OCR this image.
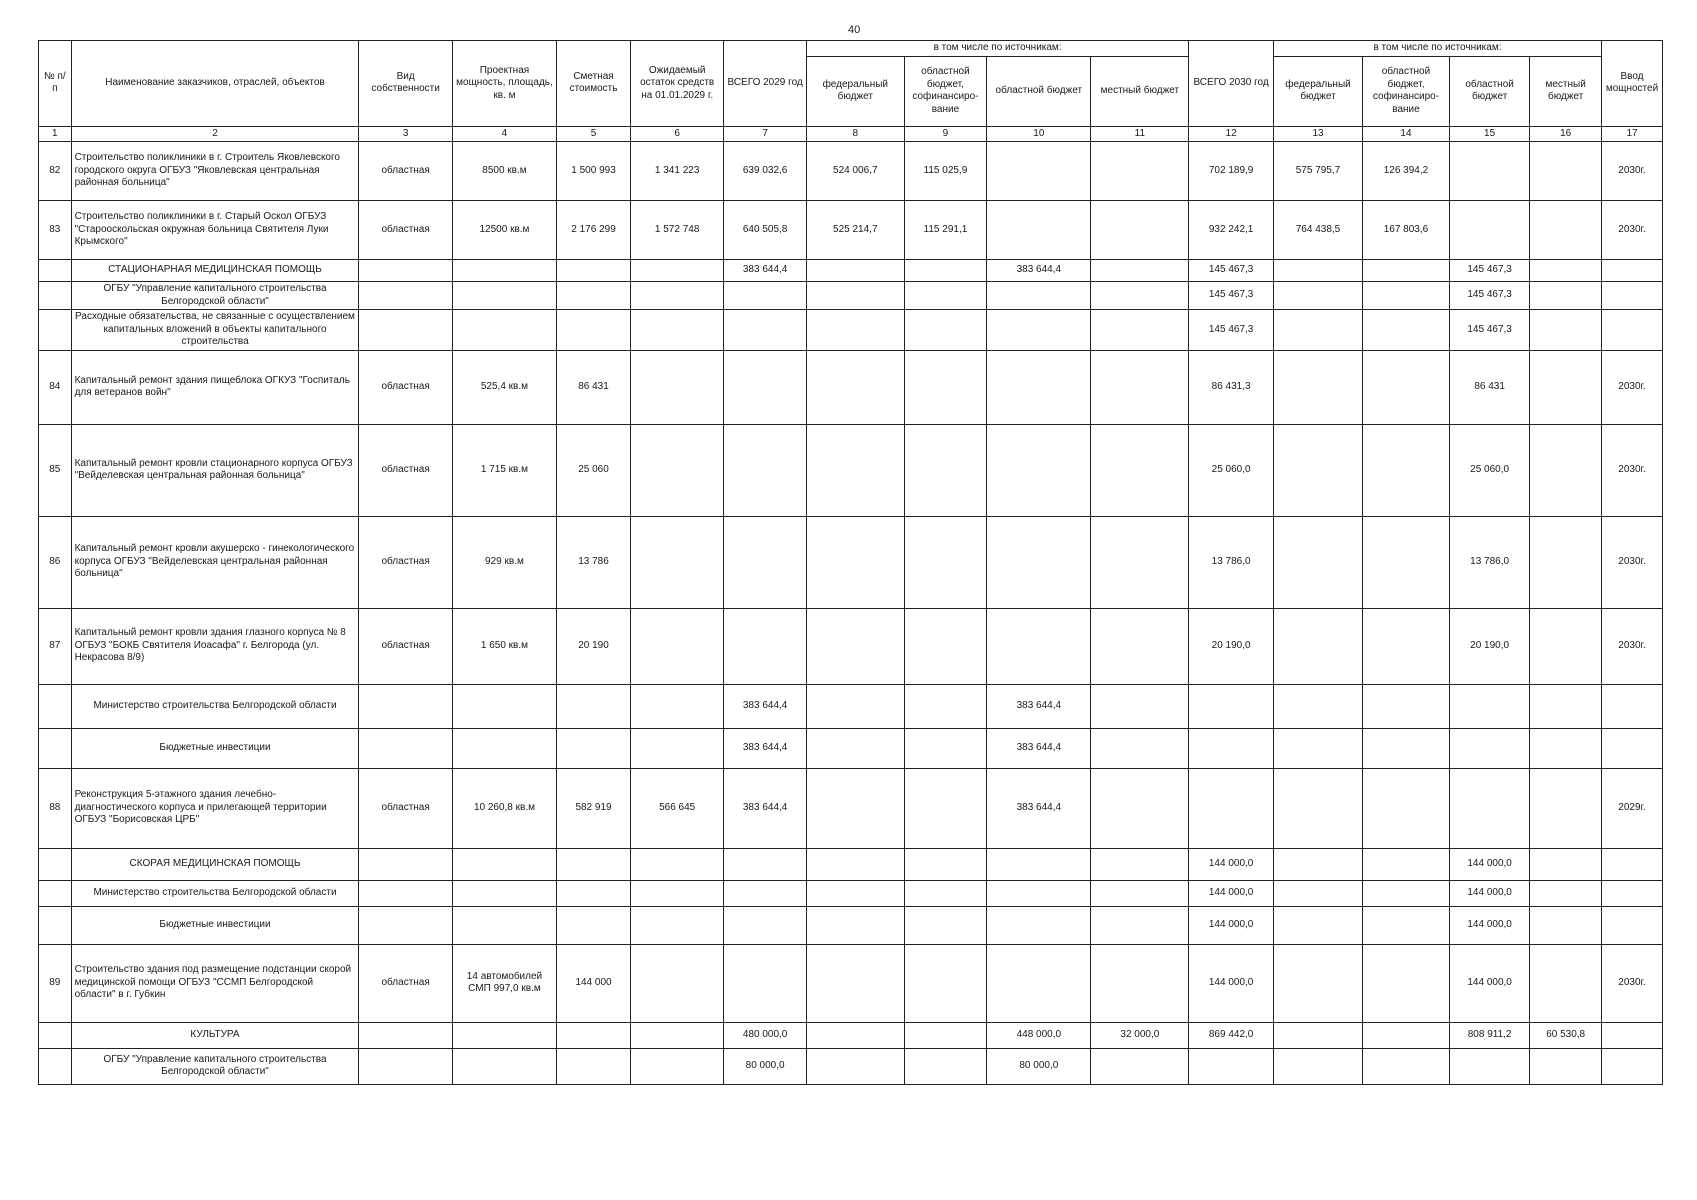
40
№ п/п	Наименование заказчиков, отраслей, объектов	Вид собственности	Проектная мощность, площадь, кв. м	Сметная стоимость	Ожидаемый остаток средств на 01.01.2029 г.	ВСЕГО 2029 год	в том числе по источникам:				ВСЕГО 2030 год	в том числе по источникам:				Ввод мощностей
							федеральный бюджет	областной бюджет, софинансиро-вание	областной бюджет	местный бюджет		федеральный бюджет	областной бюджет, софинансиро-вание	областной бюджет	местный бюджет	
1	2	3	4	5	6	7	8	9	10	11	12	13	14	15	16	17
82	Строительство поликлиники в г. Строитель Яковлевского городского округа ОГБУЗ "Яковлевская центральная районная больница"	областная	8500 кв.м	1 500 993	1 341 223	639 032,6	524 006,7	115 025,9			702 189,9	575 795,7	126 394,2			2030г.
83	Строительство поликлиники в г. Старый Оскол ОГБУЗ "Старооскольская окружная больница Святителя Луки Крымского"	областная	12500 кв.м	2 176 299	1 572 748	640 505,8	525 214,7	115 291,1			932 242,1	764 438,5	167 803,6			2030г.
	СТАЦИОНАРНАЯ МЕДИЦИНСКАЯ ПОМОЩЬ					383 644,4			383 644,4		145 467,3			145 467,3		
	ОГБУ "Управление капитального строительства Белгородской области"										145 467,3			145 467,3		
	Расходные обязательства, не связанные с осуществлением капитальных вложений в объекты капитального строительства										145 467,3			145 467,3		
84	Капитальный ремонт здания пищеблока ОГКУЗ "Госпиталь для ветеранов войн"	областная	525,4 кв.м	86 431							86 431,3			86 431		2030г.
85	Капитальный ремонт кровли стационарного корпуса ОГБУЗ "Вейделевская центральная районная больница"	областная	1 715 кв.м	25 060							25 060,0			25 060,0		2030г.
86	Капитальный ремонт кровли акушерско - гинекологического корпуса ОГБУЗ "Вейделевская центральная районная больница"	областная	929 кв.м	13 786							13 786,0			13 786,0		2030г.
87	Капитальный ремонт кровли здания глазного корпуса № 8 ОГБУЗ "БОКБ Святителя Иоасафа" г. Белгорода (ул. Некрасова 8/9)	областная	1 650 кв.м	20 190							20 190,0			20 190,0		2030г.
	Министерство строительства Белгородской области					383 644,4			383 644,4							
	Бюджетные инвестиции					383 644,4			383 644,4							
88	Реконструкция 5-этажного здания лечебно-диагностического корпуса и прилегающей территории ОГБУЗ "Борисовская ЦРБ"	областная	10 260,8 кв.м	582 919	566 645	383 644,4			383 644,4							2029г.
	СКОРАЯ МЕДИЦИНСКАЯ ПОМОЩЬ										144 000,0			144 000,0		
	Министерство строительства Белгородской области										144 000,0			144 000,0		
	Бюджетные инвестиции										144 000,0			144 000,0		
89	Строительство здания под размещение подстанции скорой медицинской помощи ОГБУЗ "ССМП Белгородской области" в г. Губкин	областная	14 автомобилей СМП 997,0 кв.м	144 000							144 000,0			144 000,0		2030г.
	КУЛЬТУРА					480 000,0			448 000,0	32 000,0	869 442,0			808 911,2	60 530,8	
	ОГБУ "Управление капитального строительства Белгородской области"					80 000,0			80 000,0							
